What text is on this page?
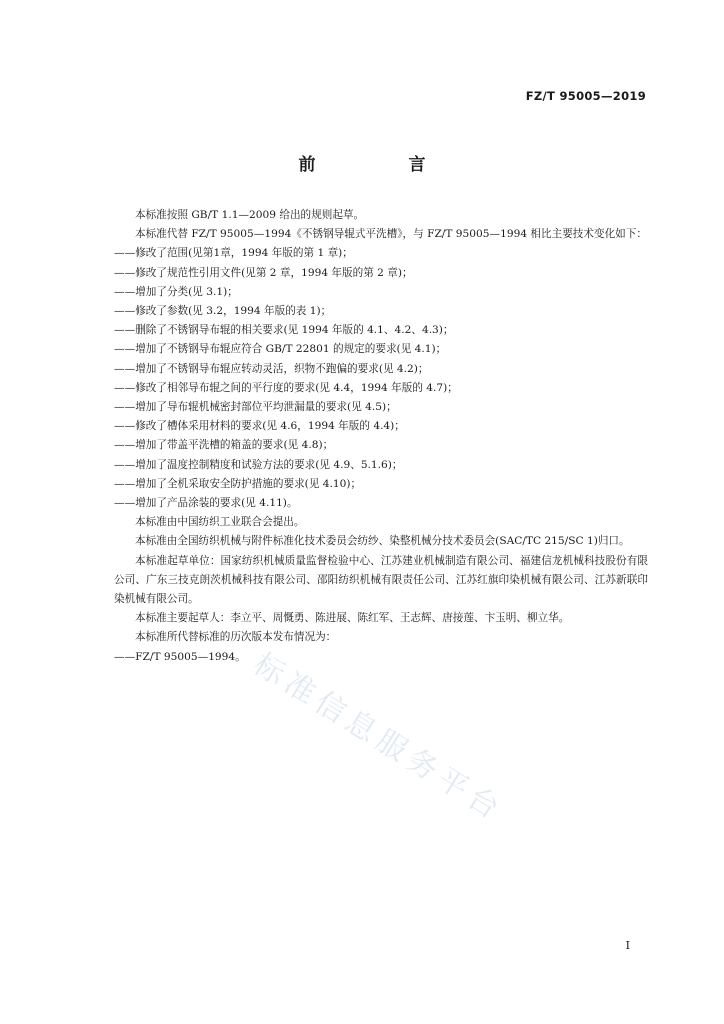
FZ/T 95005—2019
前　言

本标准按照 GB/T 1.1—2009 给出的规则起草。

本标准代替 FZ/T 95005—1994《不锈钢导辊式平洗槽》，与 FZ/T 95005—1994 相比主要技术变化如下：

——修改了范围(见第1章，1994 年版的第 1 章)；

——修改了规范性引用文件(见第 2 章，1994 年版的第 2 章)；

——增加了分类(见 3.1)；

——修改了参数(见 3.2，1994 年版的表 1)；

——删除了不锈钢导布辊的相关要求(见 1994 年版的 4.1、4.2、4.3)；

——增加了不锈钢导布辊应符合 GB/T 22801 的规定的要求(见 4.1)；

——增加了不锈钢导布辊应转动灵活，织物不跑偏的要求(见 4.2)；

——修改了相邻导布辊之间的平行度的要求(见 4.4，1994 年版的 4.7)；

——增加了导布辊机械密封部位平均泄漏量的要求(见 4.5)；

——修改了槽体采用材料的要求(见 4.6，1994 年版的 4.4)；

——增加了带盖平洗槽的箱盖的要求(见 4.8)；

——增加了温度控制精度和试验方法的要求(见 4.9、5.1.6)；

——增加了全机采取安全防护措施的要求(见 4.10)；

——增加了产品涂装的要求(见 4.11)。

本标准由中国纺织工业联合会提出。

本标准由全国纺织机械与附件标准化技术委员会纺纱、染整机械分技术委员会(SAC/TC 215/SC 1)归口。

本标准起草单位：国家纺织机械质量监督检验中心、江苏建业机械制造有限公司、福建信龙机械科技股份有限公司、广东三技克朗茨机械科技有限公司、邵阳纺织机械有限责任公司、江苏红旗印染机械有限公司、江苏新联印染机械有限公司。

本标准主要起草人：李立平、周慨勇、陈进展、陈红军、王志辉、唐接莲、卞玉明、柳立华。

本标准所代替标准的历次版本发布情况为：

——FZ/T 95005—1994。 标准信息服务平台
I
